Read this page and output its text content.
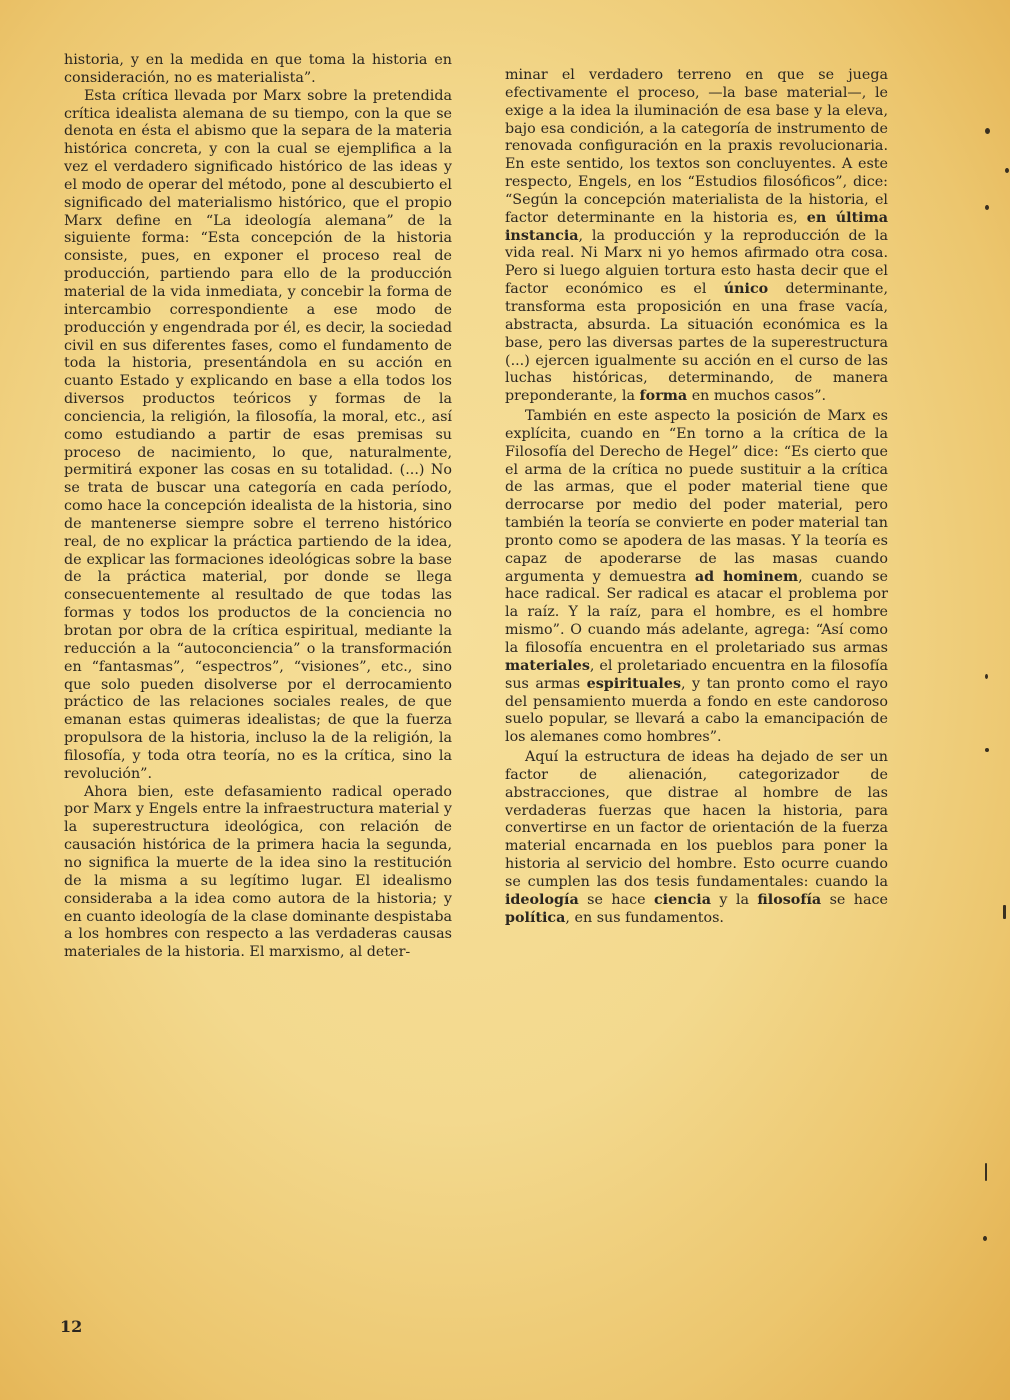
historia, y en la medida en que toma la historia en consideración, no es materialista”.

Esta crítica llevada por Marx sobre la pretendida crítica idealista alemana de su tiempo, con la que se denota en ésta el abismo que la separa de la materia histórica concreta, y con la cual se ejemplifica a la vez el verdadero significado histórico de las ideas y el modo de operar del método, pone al descubierto el significado del materialismo histórico, que el propio Marx define en “La ideología alemana” de la siguiente forma: “Esta concepción de la historia consiste, pues, en exponer el proceso real de producción, partiendo para ello de la producción material de la vida inmediata, y concebir la forma de intercambio correspondiente a ese modo de producción y engendrada por él, es decir, la sociedad civil en sus diferentes fases, como el fundamento de toda la historia, presentándola en su acción en cuanto Estado y explicando en base a ella todos los diversos productos teóricos y formas de la conciencia, la religión, la filosofía, la moral, etc., así como estudiando a partir de esas premisas su proceso de nacimiento, lo que, naturalmente, permitirá exponer las cosas en su totalidad. (...) No se trata de buscar una categoría en cada período, como hace la concepción idealista de la historia, sino de mantenerse siempre sobre el terreno histórico real, de no explicar la práctica partiendo de la idea, de explicar las formaciones ideológicas sobre la base de la práctica material, por donde se llega consecuentemente al resultado de que todas las formas y todos los productos de la conciencia no brotan por obra de la crítica espiritual, mediante la reducción a la “autoconciencia” o la transformación en “fantasmas”, “espectros”, “visiones”, etc., sino que solo pueden disolverse por el derrocamiento práctico de las relaciones sociales reales, de que emanan estas quimeras idealistas; de que la fuerza propulsora de la historia, incluso la de la religión, la filosofía, y toda otra teoría, no es la crítica, sino la revolución”.

Ahora bien, este defasamiento radical operado por Marx y Engels entre la infraestructura material y la superestructura ideológica, con relación de causación histórica de la primera hacia la segunda, no significa la muerte de la idea sino la restitución de la misma a su legítimo lugar. El idealismo consideraba a la idea como autora de la historia; y en cuanto ideología de la clase dominante despistaba a los hombres con respecto a las verdaderas causas materiales de la historia. El marxismo, al deter-

minar el verdadero terreno en que se juega efectivamente el proceso, —la base material—, le exige a la idea la iluminación de esa base y la eleva, bajo esa condición, a la categoría de instrumento de renovada configuración en la praxis revolucionaria. En este sentido, los textos son concluyentes. A este respecto, Engels, en los “Estudios filosóficos”, dice: “Según la concepción materialista de la historia, el factor determinante en la historia es, en última instancia, la producción y la reproducción de la vida real. Ni Marx ni yo hemos afirmado otra cosa. Pero si luego alguien tortura esto hasta decir que el factor económico es el único determinante, transforma esta proposición en una frase vacía, abstracta, absurda. La situación económica es la base, pero las diversas partes de la superestructura (...) ejercen igualmente su acción en el curso de las luchas históricas, determinando, de manera preponderante, la forma en muchos casos”.

También en este aspecto la posición de Marx es explícita, cuando en “En torno a la crítica de la Filosofía del Derecho de Hegel” dice: “Es cierto que el arma de la crítica no puede sustituir a la crítica de las armas, que el poder material tiene que derrocarse por medio del poder material, pero también la teoría se convierte en poder material tan pronto como se apodera de las masas. Y la teoría es capaz de apoderarse de las masas cuando argumenta y demuestra ad hominem, cuando se hace radical. Ser radical es atacar el problema por la raíz. Y la raíz, para el hombre, es el hombre mismo”. O cuando más adelante, agrega: “Así como la filosofía encuentra en el proletariado sus armas materiales, el proletariado encuentra en la filosofía sus armas espirituales, y tan pronto como el rayo del pensamiento muerda a fondo en este candoroso suelo popular, se llevará a cabo la emancipación de los alemanes como hombres”.

Aquí la estructura de ideas ha dejado de ser un factor de alienación, categorizador de abstracciones, que distrae al hombre de las verdaderas fuerzas que hacen la historia, para convertirse en un factor de orientación de la fuerza material encarnada en los pueblos para poner la historia al servicio del hombre. Esto ocurre cuando se cumplen las dos tesis fundamentales: cuando la ideología se hace ciencia y la filosofía se hace política, en sus fundamentos.

12
